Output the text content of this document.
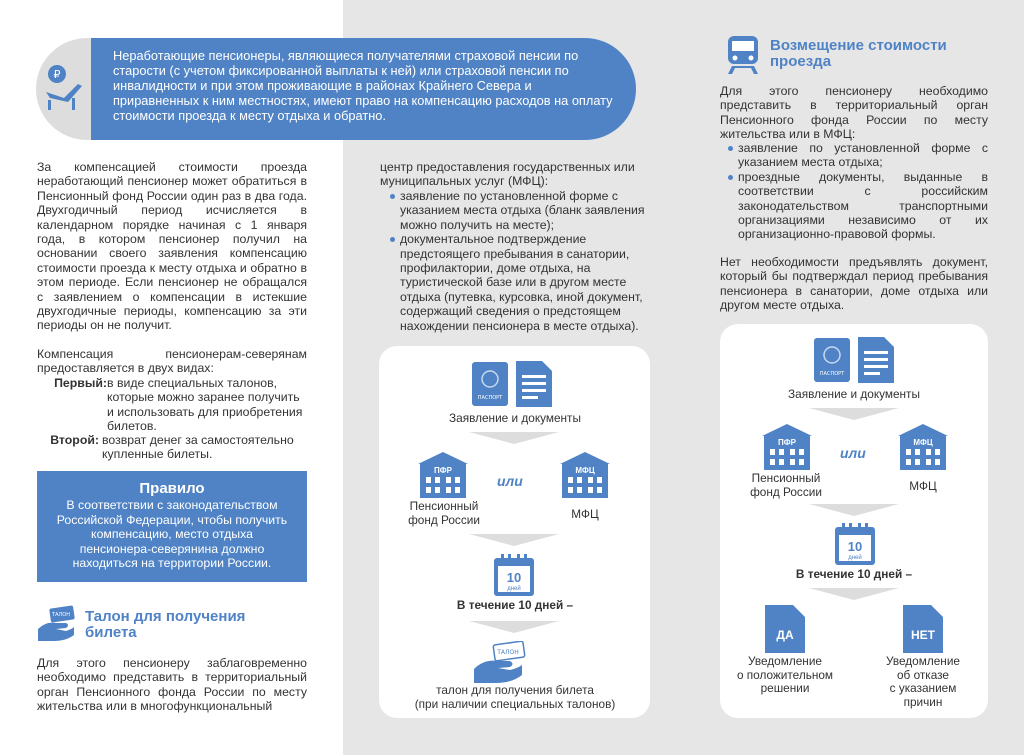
₽
Неработающие пенсионеры, являющиеся получателями страховой пенсии по старости (с учетом фиксированной выплаты к ней) или страховой пенсии по инвалидности и при этом проживающие в районах Крайнего Севера и приравненных к ним местностях, имеют право на компенсацию расходов на оплату стоимости проезда к месту отдыха и обратно.
За компенсацией стоимости проезда неработающий пенсионер может обратиться в Пенсионный фонд России один раз в два года. Двухгодичный период исчисляется в календарном порядке начиная с 1 января года, в котором пенсионер получил на основании своего заявления компенсацию стоимости проезда к месту отдыха и обратно в этом периоде. Если пенсионер не обращался с заявлением о компенсации в истекшие двухгодичные периоды, компенсацию за эти периоды он не получит.
Компенсация пенсионерам-северянам предоставляется в двух видах:
Первый: в виде специальных талонов, которые можно заранее получить и использовать для приобретения билетов.
Второй: возврат денег за самостоятельно купленные билеты.
Правило
В соответствии с законодательством Российской Федерации, чтобы получить компенсацию, место отдыха пенсионера-северянина должно находиться на территории России.
ТАЛОН Талон для получения
билета
Для этого пенсионеру заблаговременно необходимо представить в территориальный орган Пенсионного фонда России по месту жительства или в многофункциональный
центр предоставления государственных или муниципальных услуг (МФЦ):
заявление по установленной форме с указанием места отдыха (бланк заявления можно получить на месте);
документальное подтверждение предстоящего пребывания в санатории, профилактории, доме отдыха, на туристической базе или в другом месте отдыха (путевка, курсовка, иной документ, содержащий сведения о предстоящем нахождении пенсионера в месте отдыха).
ПАСПОРТ
Заявление и документы
ПФР
или
МФЦ
Пенсионный
фонд России	МФЦ
10
дней
В течение 10 дней –
ТАЛОН
талон для получения билета
(при наличии специальных талонов)
Возмещение стоимости
проезда
Для этого пенсионеру необходимо представить в территориальный орган Пенсионного фонда России по месту жительства или в МФЦ:
заявление по установленной форме с указанием места отдыха;
проездные документы, выданные в соответствии с российским законодательством транспортными организациями независимо от их организационно-правовой формы.
Нет необходимости предъявлять документ, который бы подтверждал период пребывания пенсионера в санатории, доме отдыха или другом месте отдыха.
ПАСПОРТ
Заявление и документы
ПФР
или
МФЦ
Пенсионный
фонд России	МФЦ
10
дней
В течение 10 дней –
ДА	НЕТ
Уведомление
о положительном
решении
Уведомление
об отказе
с указанием
причин
